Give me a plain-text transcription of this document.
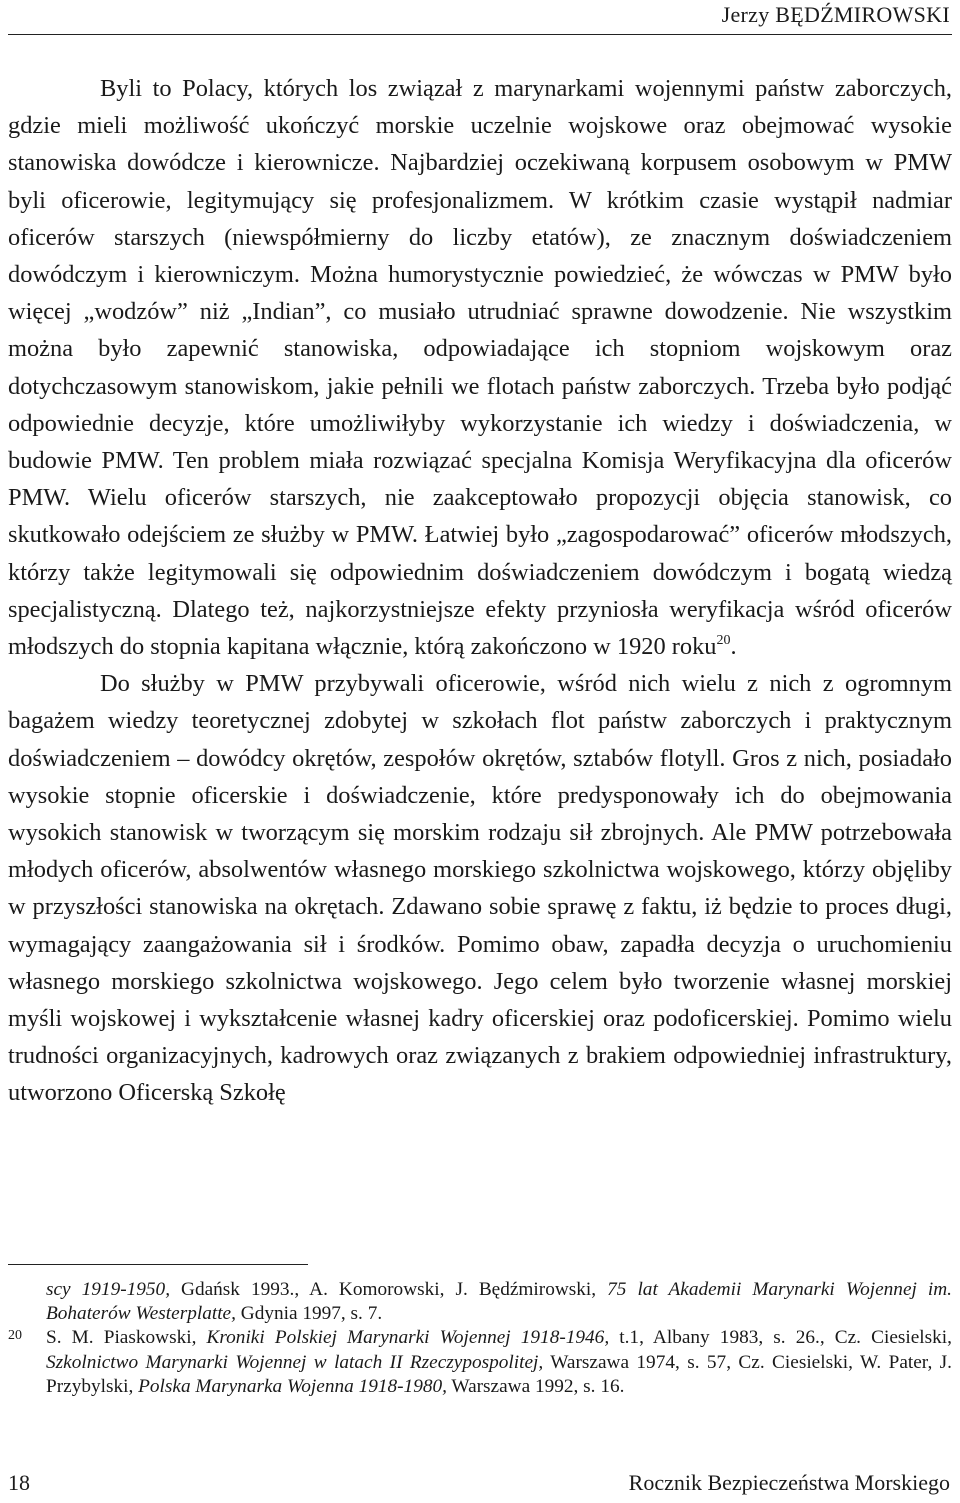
Jerzy BĘDŹMIROWSKI

Byli to Polacy, których los związał z marynarkami wojennymi państw zaborczych, gdzie mieli możliwość ukończyć morskie uczelnie wojskowe oraz obejmować wysokie stanowiska dowódcze i kierownicze. Najbardziej oczekiwaną korpusem osobowym w PMW byli oficerowie, legitymujący się profesjonalizmem. W krótkim czasie wystąpił nadmiar oficerów starszych (niewspółmierny do liczby etatów), ze znacznym doświadczeniem dowódczym i kierowniczym. Można humorystycznie powiedzieć, że wówczas w PMW było więcej „wodzów” niż „Indian”, co musiało utrudniać sprawne dowodzenie. Nie wszystkim można było zapewnić stanowiska, odpowiadające ich stopniom wojskowym oraz dotychczasowym stanowiskom, jakie pełnili we flotach państw zaborczych. Trzeba było podjąć odpowiednie decyzje, które umożliwiłyby wykorzystanie ich wiedzy i doświadczenia, w budowie PMW. Ten problem miała rozwiązać specjalna Komisja Weryfikacyjna dla oficerów PMW. Wielu oficerów starszych, nie zaakceptowało propozycji objęcia stanowisk, co skutkowało odejściem ze służby w PMW. Łatwiej było „zagospodarować” oficerów młodszych, którzy także legitymowali się odpowiednim doświadczeniem dowódczym i bogatą wiedzą specjalistyczną. Dlatego też, najkorzystniejsze efekty przyniosła weryfikacja wśród oficerów młodszych do stopnia kapitana włącznie, którą zakończono w 1920 roku$^{20}$.

Do służby w PMW przybywali oficerowie, wśród nich wielu z nich z ogromnym bagażem wiedzy teoretycznej zdobytej w szkołach flot państw zaborczych i praktycznym doświadczeniem – dowódcy okrętów, zespołów okrętów, sztabów flotyll. Gros z nich, posiadało wysokie stopnie oficerskie i doświadczenie, które predysponowały ich do obejmowania wysokich stanowisk w tworzącym się morskim rodzaju sił zbrojnych. Ale PMW potrzebowała młodych oficerów, absolwentów własnego morskiego szkolnictwa wojskowego, którzy objęliby w przyszłości stanowiska na okrętach. Zdawano sobie sprawę z faktu, iż będzie to proces długi, wymagający zaangażowania sił i środków. Pomimo obaw, zapadła decyzja o uruchomieniu własnego morskiego szkolnictwa wojskowego. Jego celem było tworzenie własnej morskiej myśli wojskowej i wykształcenie własnej kadry oficerskiej oraz podoficerskiej. Pomimo wielu trudności organizacyjnych, kadrowych oraz związanych z brakiem odpowiedniej infrastruktury, utworzono Oficerską Szkołę

scy 1919-1950, Gdańsk 1993., A. Komorowski, J. Będźmirowski, 75 lat Akademii Marynarki Wojennej im. Bohaterów Westerplatte, Gdynia 1997, s. 7.

20 S. M. Piaskowski, Kroniki Polskiej Marynarki Wojennej 1918-1946, t.1, Albany 1983, s. 26., Cz. Ciesielski, Szkolnictwo Marynarki Wojennej w latach II Rzeczypospolitej, Warszawa 1974, s. 57, Cz. Ciesielski, W. Pater, J. Przybylski, Polska Marynarka Wojenna 1918-1980, Warszawa 1992, s. 16.

18	Rocznik Bezpieczeństwa Morskiego
